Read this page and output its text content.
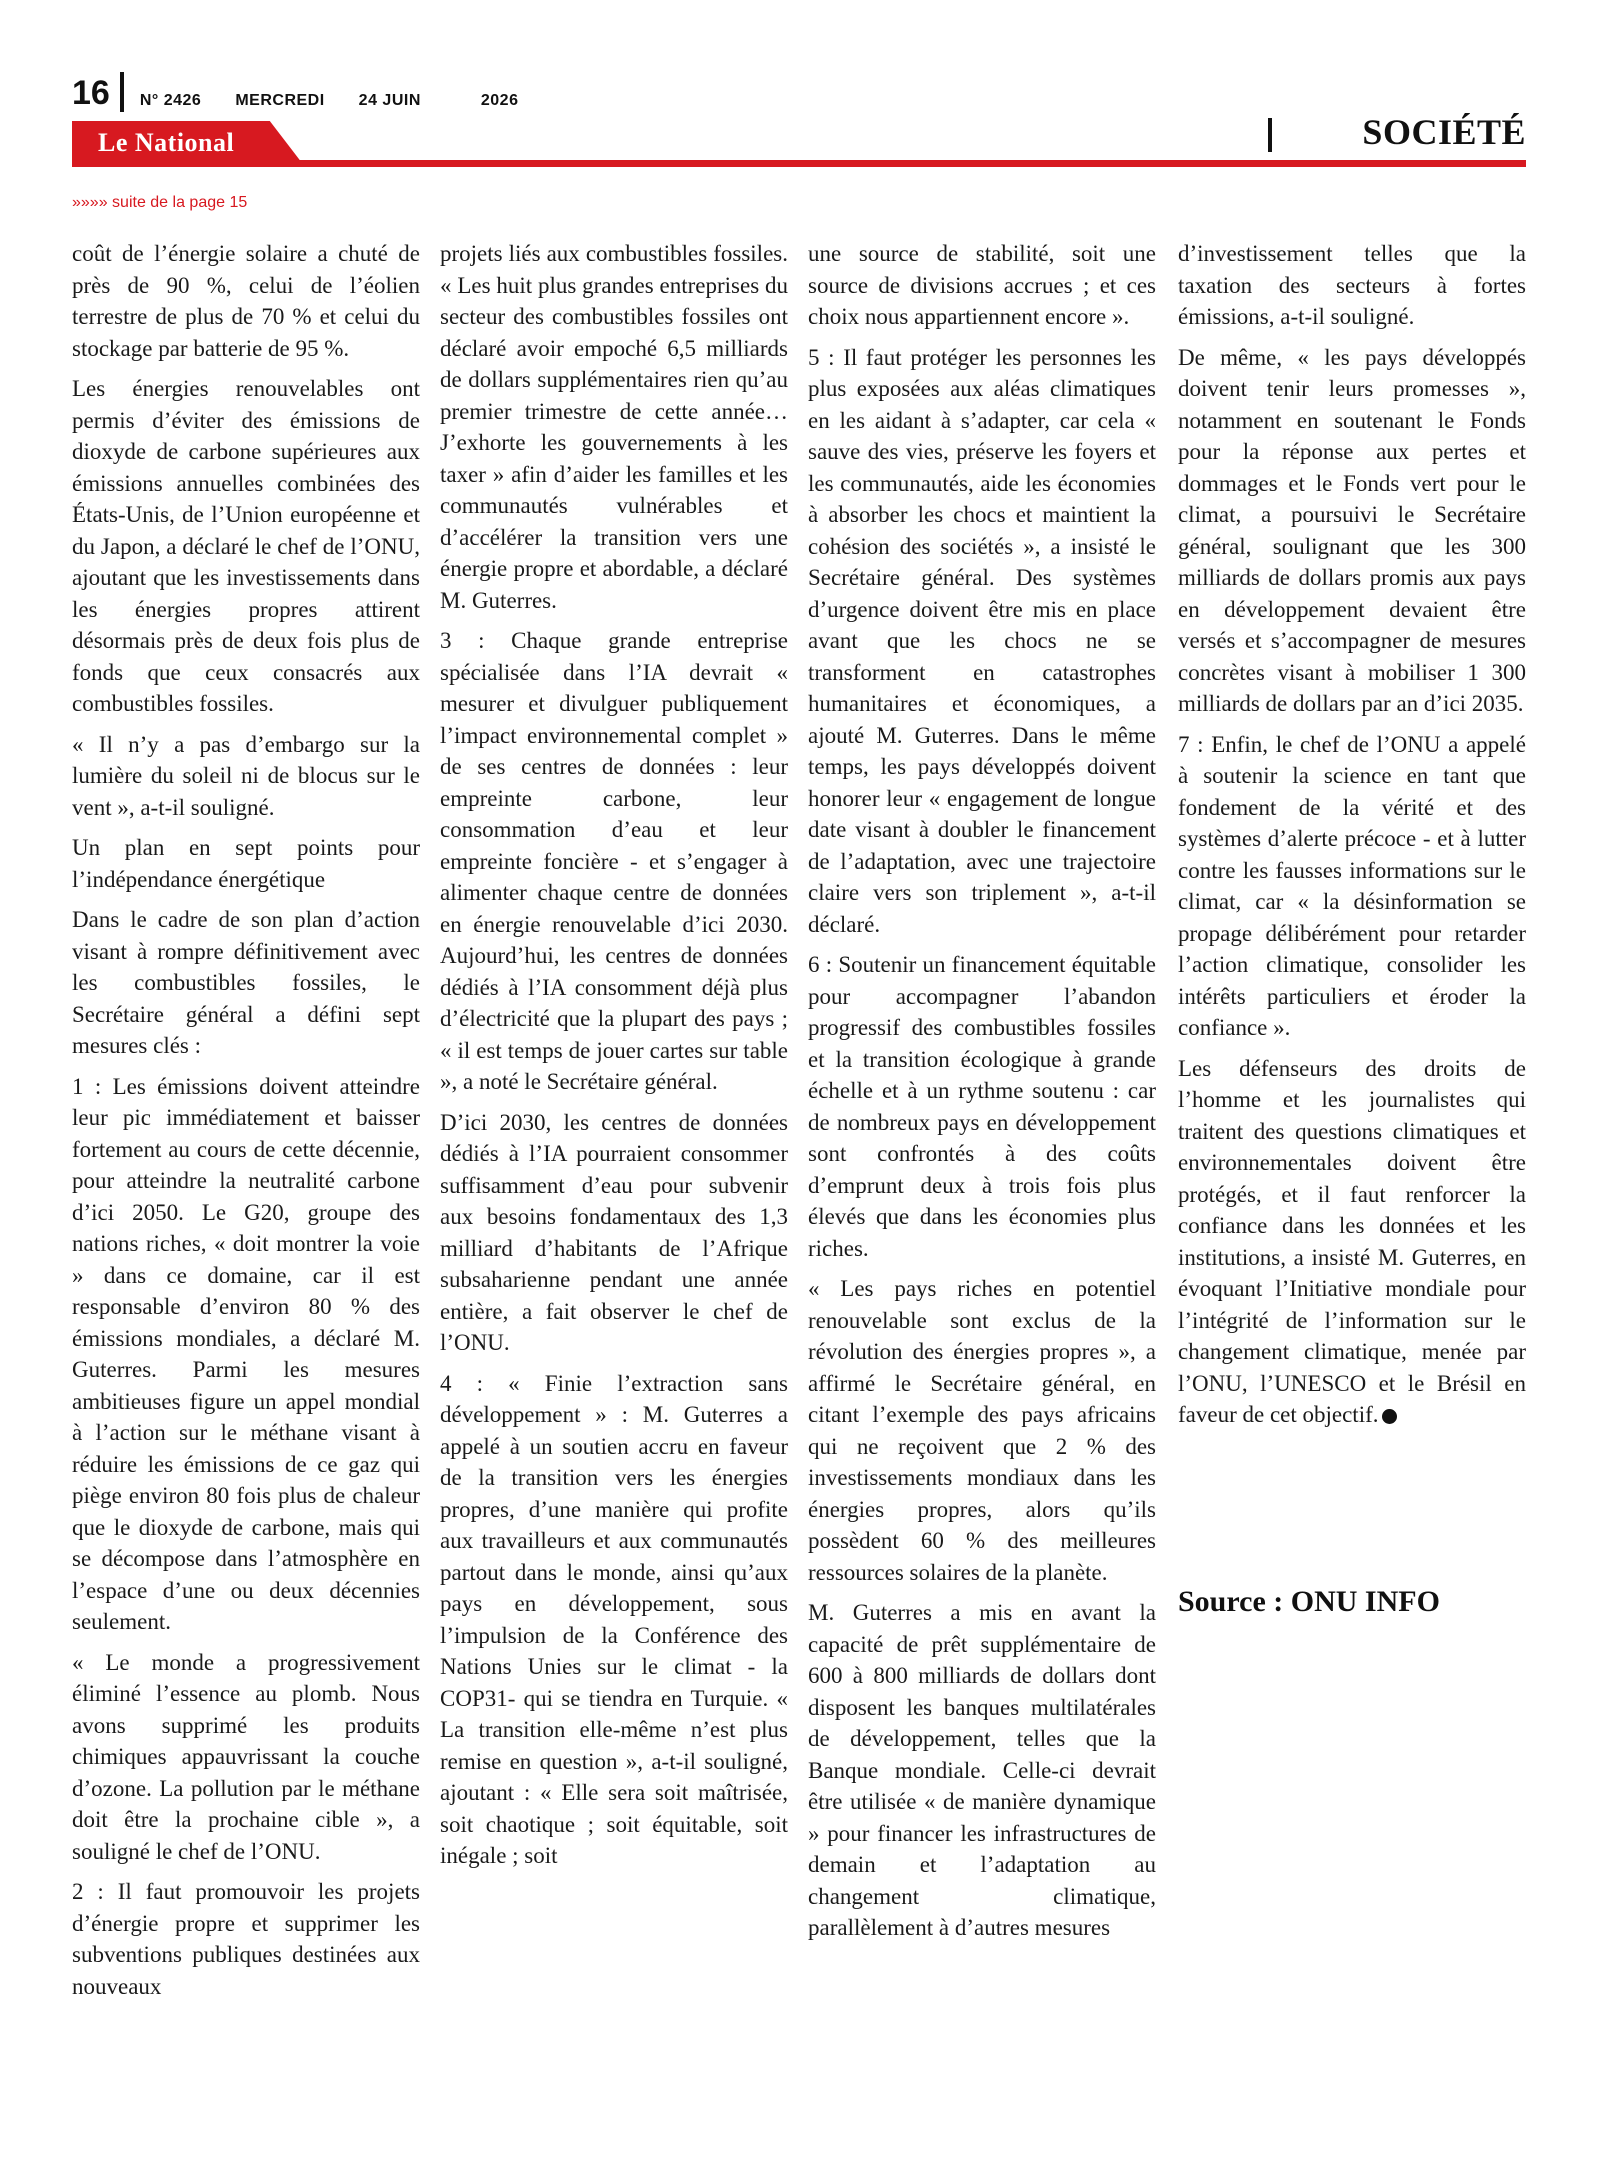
16 N° 2426 MERCREDI 24 JUIN	2026
Le National	SOCIÉTÉ
»»»» suite de la page 15

coût de l’énergie solaire a chuté de près de 90 %, celui de l’éolien terrestre de plus de 70 % et celui du stockage par batterie de 95 %.

Les énergies renouvelables ont permis d’éviter des émissions de dioxyde de carbone supérieures aux émissions annuelles combinées des États-Unis, de l’Union européenne et du Japon, a déclaré le chef de l’ONU, ajoutant que les investissements dans les énergies propres attirent désormais près de deux fois plus de fonds que ceux consacrés aux combustibles fossiles.

« Il n’y a pas d’embargo sur la lumière du soleil ni de blocus sur le vent », a-t-il souligné.

Un plan en sept points pour l’indépendance énergétique

Dans le cadre de son plan d’action visant à rompre définitivement avec les combustibles fossiles, le Secrétaire général a défini sept mesures clés :

1 : Les émissions doivent atteindre leur pic immédiatement et baisser fortement au cours de cette décennie, pour atteindre la neutralité carbone d’ici 2050. Le G20, groupe des nations riches, « doit montrer la voie » dans ce domaine, car il est responsable d’environ 80 % des émissions mondiales, a déclaré M. Guterres. Parmi les mesures ambitieuses figure un appel mondial à l’action sur le méthane visant à réduire les émissions de ce gaz qui piège environ 80 fois plus de chaleur que le dioxyde de carbone, mais qui se décompose dans l’atmosphère en l’espace d’une ou deux décennies seulement.

« Le monde a progressivement éliminé l’essence au plomb. Nous avons supprimé les produits chimiques appauvrissant la couche d’ozone. La pollution par le méthane doit être la prochaine cible », a souligné le chef de l’ONU.

2 : Il faut promouvoir les projets d’énergie propre et supprimer les subventions publiques destinées aux nouveaux

projets liés aux combustibles fossiles. « Les huit plus grandes entreprises du secteur des combustibles fossiles ont déclaré avoir empoché 6,5 milliards de dollars supplémentaires rien qu’au premier trimestre de cette année… J’exhorte les gouvernements à les taxer » afin d’aider les familles et les communautés vulnérables et d’accélérer la transition vers une énergie propre et abordable, a déclaré M. Guterres.

3 : Chaque grande entreprise spécialisée dans l’IA devrait « mesurer et divulguer publiquement l’impact environnemental complet » de ses centres de données : leur empreinte carbone, leur consommation d’eau et leur empreinte foncière - et s’engager à alimenter chaque centre de données en énergie renouvelable d’ici 2030. Aujourd’hui, les centres de données dédiés à l’IA consomment déjà plus d’électricité que la plupart des pays ; « il est temps de jouer cartes sur table », a noté le Secrétaire général.

D’ici 2030, les centres de données dédiés à l’IA pourraient consommer suffisamment d’eau pour subvenir aux besoins fondamentaux des 1,3 milliard d’habitants de l’Afrique subsaharienne pendant une année entière, a fait observer le chef de l’ONU.

4 : « Finie l’extraction sans développement » : M. Guterres a appelé à un soutien accru en faveur de la transition vers les énergies propres, d’une manière qui profite aux travailleurs et aux communautés partout dans le monde, ainsi qu’aux pays en développement, sous l’impulsion de la Conférence des Nations Unies sur le climat - la COP31- qui se tiendra en Turquie. « La transition elle-même n’est plus remise en question », a-t-il souligné, ajoutant : « Elle sera soit maîtrisée, soit chaotique ; soit équitable, soit inégale ; soit

une source de stabilité, soit une source de divisions accrues ; et ces choix nous appartiennent encore ».

5 : Il faut protéger les personnes les plus exposées aux aléas climatiques en les aidant à s’adapter, car cela « sauve des vies, préserve les foyers et les communautés, aide les économies à absorber les chocs et maintient la cohésion des sociétés », a insisté le Secrétaire général. Des systèmes d’urgence doivent être mis en place avant que les chocs ne se transforment en catastrophes humanitaires et économiques, a ajouté M. Guterres. Dans le même temps, les pays développés doivent honorer leur « engagement de longue date visant à doubler le financement de l’adaptation, avec une trajectoire claire vers son triplement », a-t-il déclaré.

6 : Soutenir un financement équitable pour accompagner l’abandon progressif des combustibles fossiles et la transition écologique à grande échelle et à un rythme soutenu : car de nombreux pays en développement sont confrontés à des coûts d’emprunt deux à trois fois plus élevés que dans les économies plus riches.

« Les pays riches en potentiel renouvelable sont exclus de la révolution des énergies propres », a affirmé le Secrétaire général, en citant l’exemple des pays africains qui ne reçoivent que 2 % des investissements mondiaux dans les énergies propres, alors qu’ils possèdent 60 % des meilleures ressources solaires de la planète.

M. Guterres a mis en avant la capacité de prêt supplémentaire de 600 à 800 milliards de dollars dont disposent les banques multilatérales de développement, telles que la Banque mondiale. Celle-ci devrait être utilisée « de manière dynamique » pour financer les infrastructures de demain et l’adaptation au changement climatique, parallèlement à d’autres mesures

d’investissement telles que la taxation des secteurs à fortes émissions, a-t-il souligné.

De même, « les pays développés doivent tenir leurs promesses », notamment en soutenant le Fonds pour la réponse aux pertes et dommages et le Fonds vert pour le climat, a poursuivi le Secrétaire général, soulignant que les 300 milliards de dollars promis aux pays en développement devaient être versés et s’accompagner de mesures concrètes visant à mobiliser 1 300 milliards de dollars par an d’ici 2035.

7 : Enfin, le chef de l’ONU a appelé à soutenir la science en tant que fondement de la vérité et des systèmes d’alerte précoce - et à lutter contre les fausses informations sur le climat, car « la désinformation se propage délibérément pour retarder l’action climatique, consolider les intérêts particuliers et éroder la confiance ».

Les défenseurs des droits de l’homme et les journalistes qui traitent des questions climatiques et environnementales doivent être protégés, et il faut renforcer la confiance dans les données et les institutions, a insisté M. Guterres, en évoquant l’Initiative mondiale pour l’intégrité de l’information sur le changement climatique, menée par l’ONU, l’UNESCO et le Brésil en faveur de cet objectif.

Source : ONU INFO
